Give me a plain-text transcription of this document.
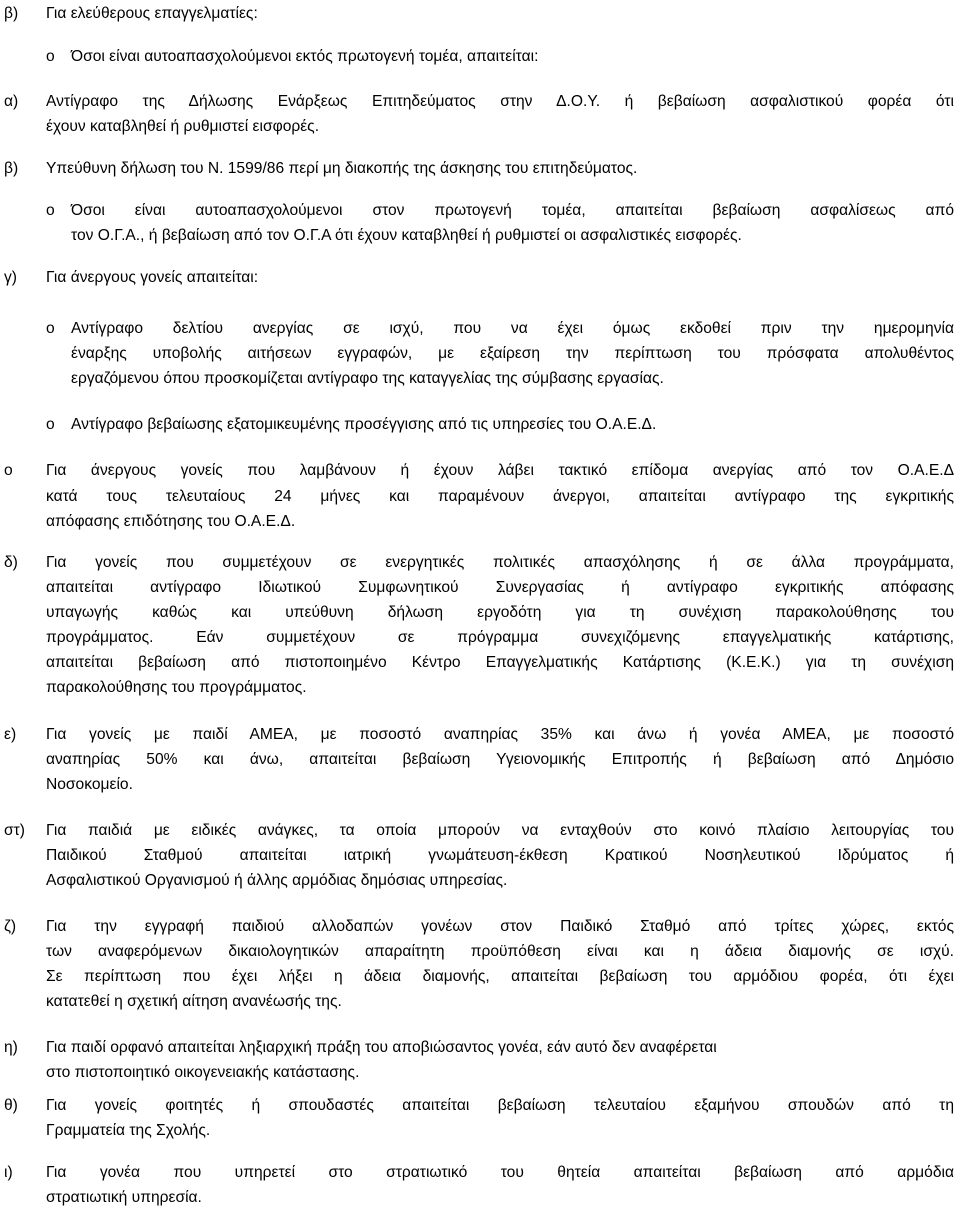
β) Για ελεύθερους επαγγελματίες:
o Όσοι είναι αυτοαπασχολούμενοι εκτός πρωτογενή τομέα, απαιτείται:
α) Αντίγραφο της Δήλωσης Ενάρξεως Επιτηδεύματος στην Δ.Ο.Υ. ή βεβαίωση ασφαλιστικού φορέα ότι
έχουν καταβληθεί ή ρυθμιστεί εισφορές.
β) Υπεύθυνη δήλωση του Ν. 1599/86 περί μη διακοπής της άσκησης του επιτηδεύματος.
o Όσοι είναι αυτοαπασχολούμενοι στον πρωτογενή τομέα, απαιτείται βεβαίωση ασφαλίσεως από
τον Ο.Γ.Α., ή βεβαίωση από τον Ο.Γ.Α ότι έχουν καταβληθεί ή ρυθμιστεί οι ασφαλιστικές εισφορές.
γ) Για άνεργους γονείς απαιτείται:
o Αντίγραφο δελτίου ανεργίας σε ισχύ, που να έχει όμως εκδοθεί πριν την ημερομηνία
έναρξης υποβολής αιτήσεων εγγραφών, με εξαίρεση την περίπτωση του πρόσφατα απολυθέντος
εργαζόμενου όπου προσκομίζεται αντίγραφο της καταγγελίας της σύμβασης εργασίας.
o Αντίγραφο βεβαίωσης εξατομικευμένης προσέγγισης από τις υπηρεσίες του Ο.Α.Ε.Δ.
o Για άνεργους γονείς που λαμβάνουν ή έχουν λάβει τακτικό επίδομα ανεργίας από τον Ο.Α.Ε.Δ
κατά τους τελευταίους 24 μήνες και παραμένουν άνεργοι, απαιτείται αντίγραφο της εγκριτικής
απόφασης επιδότησης του Ο.Α.Ε.Δ.
δ) Για γονείς που συμμετέχουν σε ενεργητικές πολιτικές απασχόλησης ή σε άλλα προγράμματα,
απαιτείται αντίγραφο Ιδιωτικού Συμφωνητικού Συνεργασίας ή αντίγραφο εγκριτικής απόφασης
υπαγωγής καθώς και υπεύθυνη δήλωση εργοδότη για τη συνέχιση παρακολούθησης του
προγράμματος. Εάν συμμετέχουν σε πρόγραμμα συνεχιζόμενης επαγγελματικής κατάρτισης,
απαιτείται βεβαίωση από πιστοποιημένο Κέντρο Επαγγελματικής Κατάρτισης (Κ.Ε.Κ.) για τη συνέχιση
παρακολούθησης του προγράμματος.
ε) Για γονείς με παιδί ΑΜΕΑ, με ποσοστό αναπηρίας 35% και άνω ή γονέα ΑΜΕΑ, με ποσοστό
αναπηρίας 50% και άνω, απαιτείται βεβαίωση Υγειονομικής Επιτροπής ή βεβαίωση από Δημόσιο
Νοσοκομείο.
στ) Για παιδιά με ειδικές ανάγκες, τα οποία μπορούν να ενταχθούν στο κοινό πλαίσιο λειτουργίας του
Παιδικού Σταθμού απαιτείται ιατρική γνωμάτευση-έκθεση Κρατικού Νοσηλευτικού Ιδρύματος ή
Ασφαλιστικού Οργανισμού ή άλλης αρμόδιας δημόσιας υπηρεσίας.
ζ) Για την εγγραφή παιδιού αλλοδαπών γονέων στον Παιδικό Σταθμό από τρίτες χώρες, εκτός
των αναφερόμενων δικαιολογητικών απαραίτητη προϋπόθεση είναι και η άδεια διαμονής σε ισχύ.
Σε περίπτωση που έχει λήξει η άδεια διαμονής, απαιτείται βεβαίωση του αρμόδιου φορέα, ότι έχει
κατατεθεί η σχετική αίτηση ανανέωσής της.
η) Για παιδί ορφανό απαιτείται ληξιαρχική πράξη του αποβιώσαντος γονέα, εάν αυτό δεν αναφέρεται
στο πιστοποιητικό οικογενειακής κατάστασης.
θ) Για γονείς φοιτητές ή σπουδαστές απαιτείται βεβαίωση τελευταίου εξαμήνου σπουδών από τη
Γραμματεία της Σχολής.
ι) Για γονέα που υπηρετεί στο στρατιωτικό του θητεία απαιτείται βεβαίωση από αρμόδια
στρατιωτική υπηρεσία.
